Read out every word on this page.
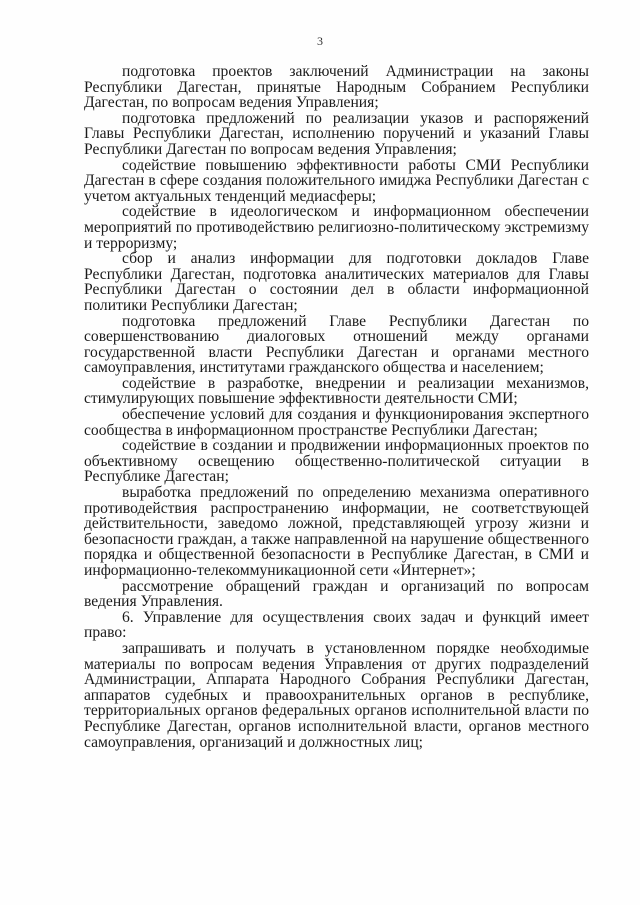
3

подготовка проектов заключений Администрации на законы Республики Дагестан, принятые Народным Собранием Республики Дагестан, по вопросам ведения Управления;

подготовка предложений по реализации указов и распоряжений Главы Республики Дагестан, исполнению поручений и указаний Главы Республики Дагестан по вопросам ведения Управления;

содействие повышению эффективности работы СМИ Республики Дагестан в сфере создания положительного имиджа Республики Дагестан с учетом актуальных тенденций медиасферы;

содействие в идеологическом и информационном обеспечении мероприятий по противодействию религиозно-политическому экстремизму и терроризму;

сбор и анализ информации для подготовки докладов Главе Республики Дагестан, подготовка аналитических материалов для Главы Республики Дагестан о состоянии дел в области информационной политики Республики Дагестан;

подготовка предложений Главе Республики Дагестан по совершенствованию диалоговых отношений между органами государственной власти Республики Дагестан и органами местного самоуправления, институтами гражданского общества и населением;

содействие в разработке, внедрении и реализации механизмов, стимулирующих повышение эффективности деятельности СМИ;

обеспечение условий для создания и функционирования экспертного сообщества в информационном пространстве Республики Дагестан;

содействие в создании и продвижении информационных проектов по объективному освещению общественно-политической ситуации в Республике Дагестан;

выработка предложений по определению механизма оперативного противодействия распространению информации, не соответствующей действительности, заведомо ложной, представляющей угрозу жизни и безопасности граждан, а также направленной на нарушение общественного порядка и общественной безопасности в Республике Дагестан, в СМИ и информационно-телекоммуникационной сети «Интернет»;

рассмотрение обращений граждан и организаций по вопросам ведения Управления.

6. Управление для осуществления своих задач и функций имеет право:

запрашивать и получать в установленном порядке необходимые материалы по вопросам ведения Управления от других подразделений Администрации, Аппарата Народного Собрания Республики Дагестан, аппаратов судебных и правоохранительных органов в республике, территориальных органов федеральных органов исполнительной власти по Республике Дагестан, органов исполнительной власти, органов местного самоуправления, организаций и должностных лиц;
